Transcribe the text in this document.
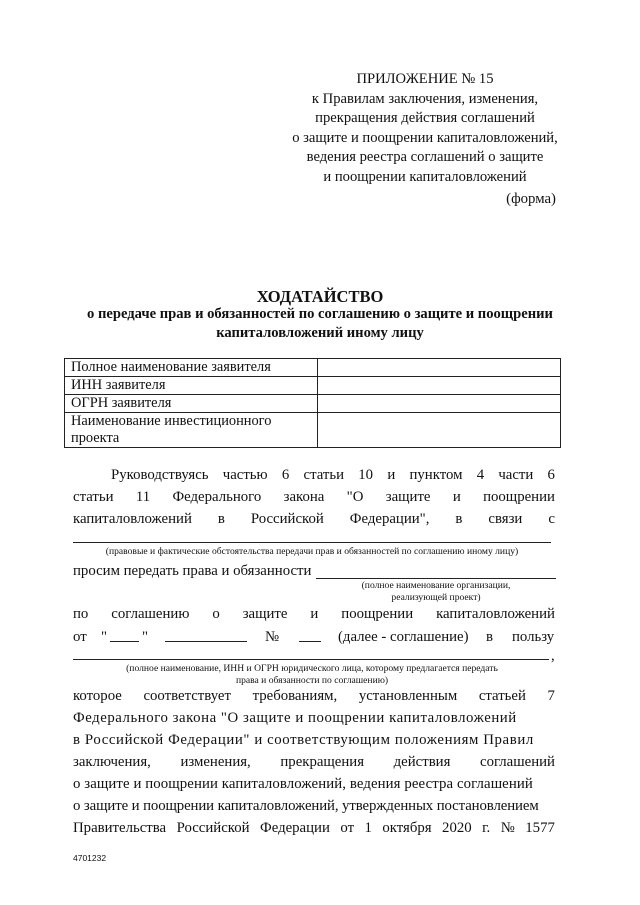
ПРИЛОЖЕНИЕ № 15
к Правилам заключения, изменения,
прекращения действия соглашений
о защите и поощрении капиталовложений,
ведения реестра соглашений о защите
и поощрении капиталовложений
(форма)
ХОДАТАЙСТВО
о передаче прав и обязанностей по соглашению о защите и поощрении
капиталовложений иному лицу
Полное наименование заявителя	
ИНН заявителя	
ОГРН заявителя	
Наименование инвестиционного проекта	
Руководствуясь частью 6 статьи 10 и пунктом 4 части 6
статьи 11 Федерального закона "О защите и поощрении
капиталовложений в Российской Федерации", в связи с
(правовые и фактические обстоятельства передачи прав и обязанностей по соглашению иному лицу)
просим передать права и обязанности
(полное наименование организации,
реализующей проект)
по соглашению о защите и поощрении капиталовложений
от " "	№	(далее - соглашение) в пользу
,
(полное наименование, ИНН и ОГРН юридического лица, которому предлагается передать
права и обязанности по соглашению)
которое соответствует требованиям, установленным статьей 7
Федерального закона "О защите и поощрении капиталовложений
в Российской Федерации" и соответствующим положениям Правил
заключения, изменения, прекращения действия соглашений
о защите и поощрении капиталовложений, ведения реестра соглашений
о защите и поощрении капиталовложений, утвержденных постановлением
Правительства Российской Федерации от 1 октября 2020 г. № 1577
4701232
